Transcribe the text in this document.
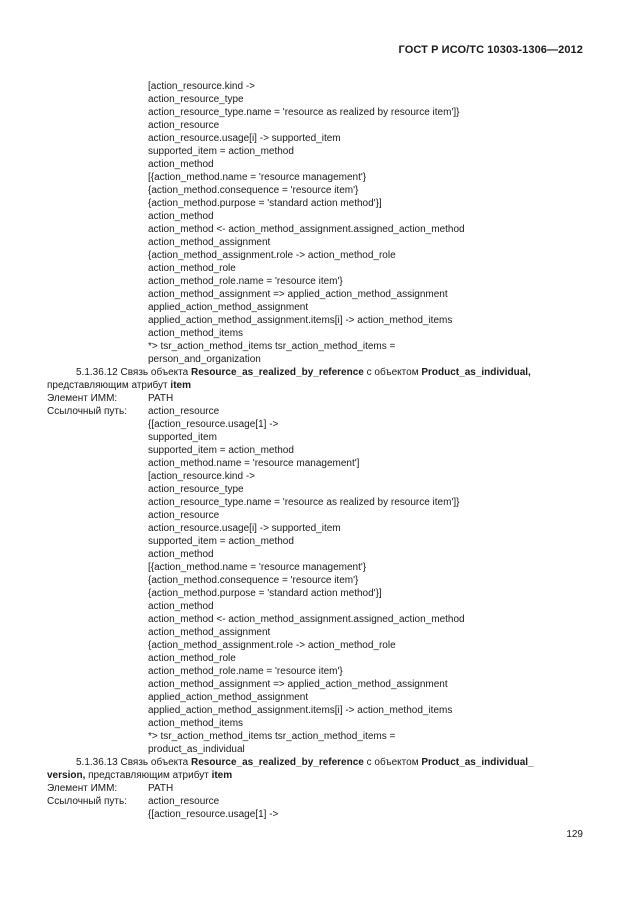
ГОСТ Р ИСО/ТС 10303-1306—2012
[action_resource.kind ->
action_resource_type
action_resource_type.name = 'resource as realized by resource item']}
action_resource
action_resource.usage[i] -> supported_item
supported_item = action_method
action_method
[{action_method.name = 'resource management'}
{action_method.consequence = 'resource item'}
{action_method.purpose = 'standard action method'}]
action_method
action_method <- action_method_assignment.assigned_action_method
action_method_assignment
{action_method_assignment.role -> action_method_role
action_method_role
action_method_role.name = 'resource item'}
action_method_assignment => applied_action_method_assignment
applied_action_method_assignment
applied_action_method_assignment.items[i] -> action_method_items
action_method_items
*> tsr_action_method_items tsr_action_method_items =
person_and_organization
5.1.36.12 Связь объекта Resource_as_realized_by_reference с объектом Product_as_individual,
представляющим атрибут item
Элемент ИММ:	PATH
Ссылочный путь: action_resource
{[action_resource.usage[1] ->
supported_item
supported_item = action_method
action_method.name = 'resource management']
[action_resource.kind ->
action_resource_type
action_resource_type.name = 'resource as realized by resource item']}
action_resource
action_resource.usage[i] -> supported_item
supported_item = action_method
action_method
[{action_method.name = 'resource management'}
{action_method.consequence = 'resource item'}
{action_method.purpose = 'standard action method'}]
action_method
action_method <- action_method_assignment.assigned_action_method
action_method_assignment
{action_method_assignment.role -> action_method_role
action_method_role
action_method_role.name = 'resource item'}
action_method_assignment => applied_action_method_assignment
applied_action_method_assignment
applied_action_method_assignment.items[i] -> action_method_items
action_method_items
*> tsr_action_method_items tsr_action_method_items =
product_as_individual
5.1.36.13 Связь объекта Resource_as_realized_by_reference с объектом Product_as_individual_
version, представляющим атрибут item
Элемент ИММ:	PATH
Ссылочный путь: action_resource
{[action_resource.usage[1] ->
129
